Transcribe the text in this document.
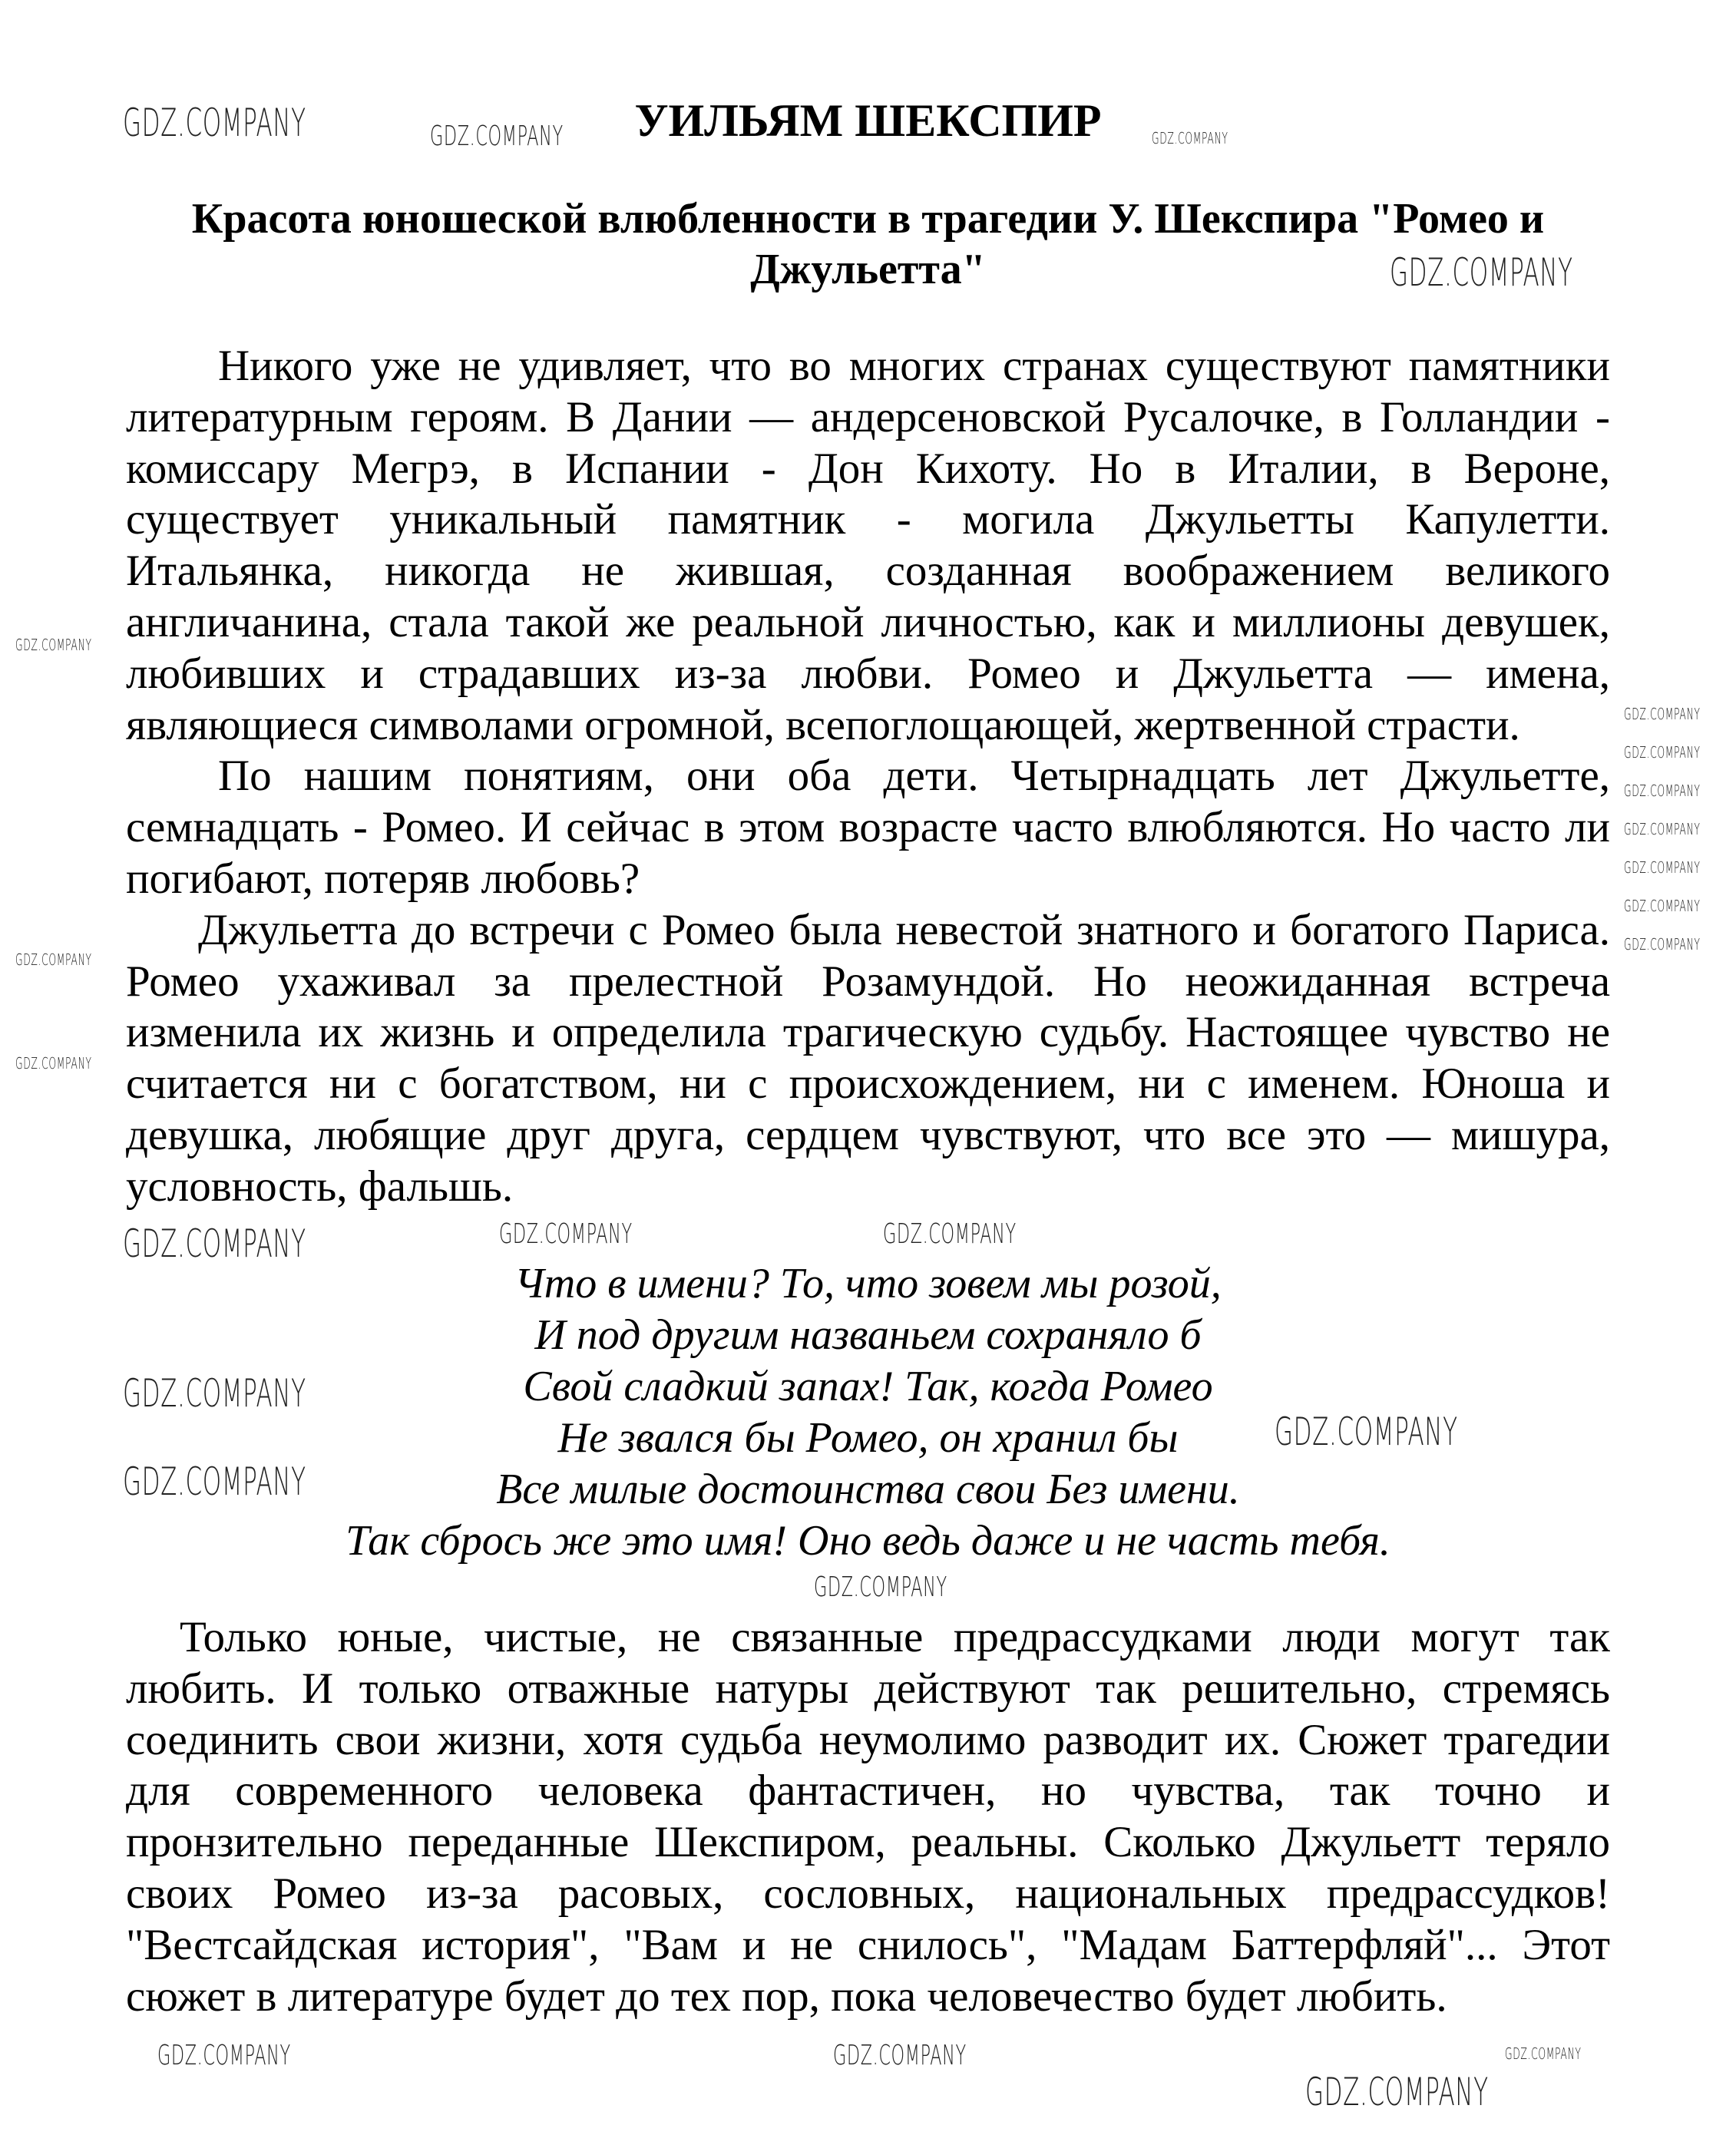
УИЛЬЯМ ШЕКСПИР
Красота юношеской влюбленности в трагедии У. Шекспира "Ромео и
Джульетта"
Никого уже не удивляет, что во многих странах существуют памятники
литературным героям. В Дании — андерсеновской Русалочке, в Голландии -
комиссару Мегрэ, в Испании - Дон Кихоту. Но в Италии, в Вероне,
существует уникальный памятник - могила Джульетты Капулетти.
Итальянка, никогда не жившая, созданная воображением великого
англичанина, стала такой же реальной личностью, как и миллионы девушек,
любивших и страдавших из-за любви. Ромео и Джульетта — имена,
являющиеся символами огромной, всепоглощающей, жертвенной страсти.
По нашим понятиям, они оба дети. Четырнадцать лет Джульетте,
семнадцать - Ромео. И сейчас в этом возрасте часто влюбляются. Но часто ли
погибают, потеряв любовь?
Джульетта до встречи с Ромео была невестой знатного и богатого Париса.
Ромео ухаживал за прелестной Розамундой. Но неожиданная встреча
изменила их жизнь и определила трагическую судьбу. Настоящее чувство не
считается ни с богатством, ни с происхождением, ни с именем. Юноша и
девушка, любящие друг друга, сердцем чувствуют, что все это — мишура,
условность, фальшь.
Только юные, чистые, не связанные предрассудками люди могут так
любить. И только отважные натуры действуют так решительно, стремясь
соединить свои жизни, хотя судьба неумолимо разводит их. Сюжет трагедии
для современного человека фантастичен, но чувства, так точно и
пронзительно переданные Шекспиром, реальны. Сколько Джульетт теряло
своих Ромео из-за расовых, сословных, национальных предрассудков!
"Вестсайдская история", "Вам и не снилось", "Мадам Баттерфляй"... Этот
сюжет в литературе будет до тех пор, пока человечество будет любить.
Что в имени? То, что зовем мы розой,
И под другим названьем сохраняло б
Свой сладкий запах! Так, когда Ромео
Не звался бы Ромео, он хранил бы
Все милые достоинства свои Без имени.
Так сбрось же это имя! Оно ведь даже и не часть тебя.
GDZ.COMPANY	GDZ.COMPANY	GDZ.COMPANY
GDZ.COMPANY
GDZ.COMPANY
GDZ.COMPANY
GDZ.COMPANY
GDZ.COMPANY
GDZ.COMPANY
GDZ.COMPANY
GDZ.COMPANY
GDZ.COMPANY
GDZ.COMPANY
GDZ.COMPANY
GDZ.COMPANY	GDZ.COMPANY	GDZ.COMPANY
GDZ.COMPANY
GDZ.COMPANY
GDZ.COMPANY
GDZ.COMPANY
GDZ.COMPANY	GDZ.COMPANY	GDZ.COMPANY
GDZ.COMPANY
